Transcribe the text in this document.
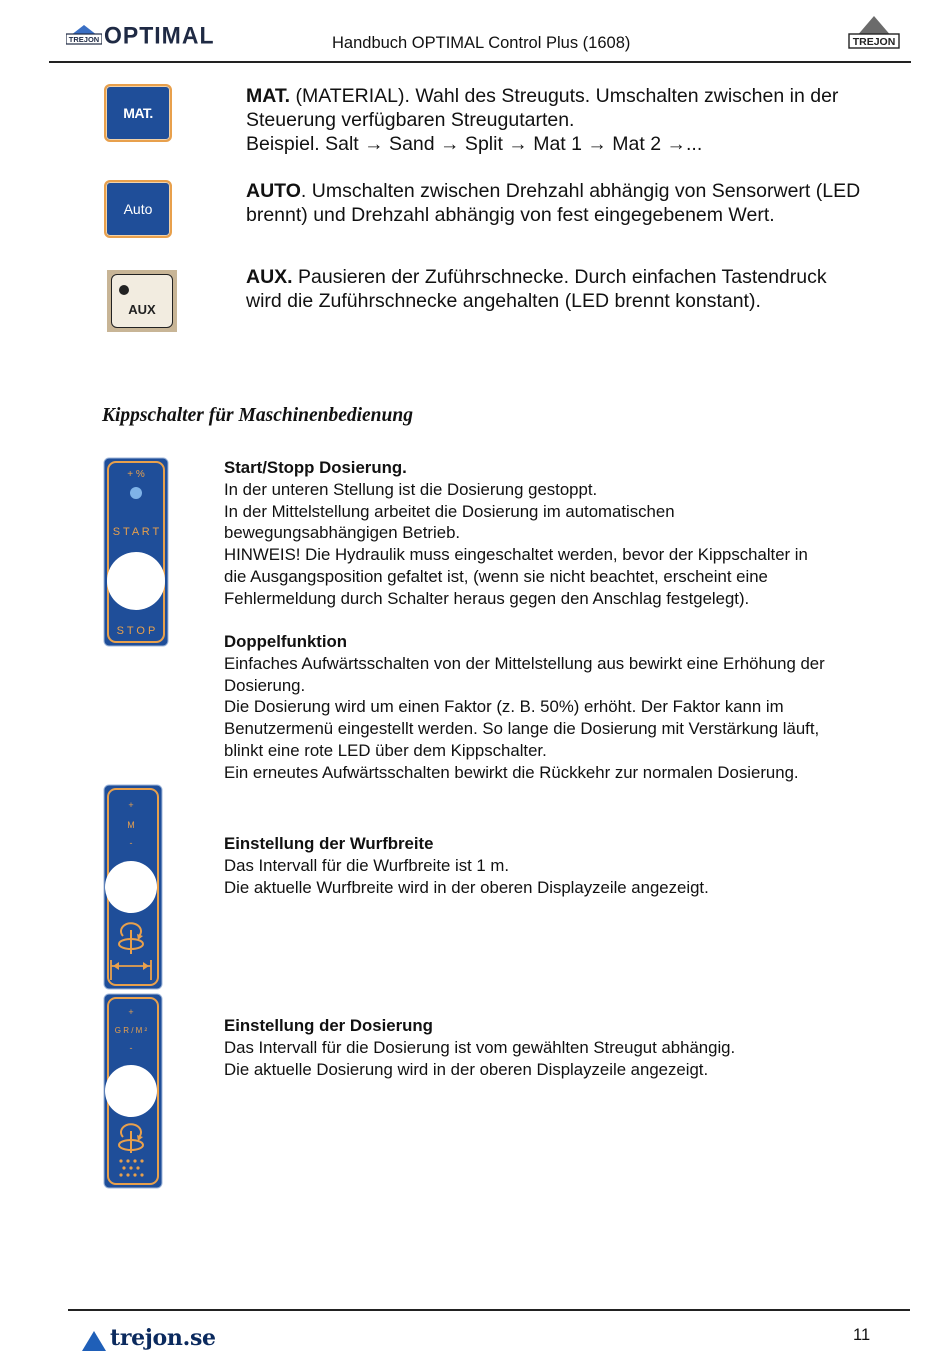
TREJON OPTIMAL	Handbuch OPTIMAL Control Plus (1608)	TREJON
MAT.
Auto
AUX
MAT. (MATERIAL). Wahl des Streuguts. Umschalten zwischen in der
Steuerung verfügbaren Streugutarten.
Beispiel. Salt → Sand → Split → Mat 1 → Mat 2 →...
AUTO. Umschalten zwischen Drehzahl abhängig von Sensorwert (LED
brennt) und Drehzahl abhängig von fest eingegebenem Wert.
AUX. Pausieren der Zuführschnecke. Durch einfachen Tastendruck
wird die Zuführschnecke angehalten (LED brennt konstant).
Kippschalter für Maschinenbedienung
+ %
S T A R T
S T O P
Start/Stopp Dosierung.
In der unteren Stellung ist die Dosierung gestoppt.
In der Mittelstellung arbeitet die Dosierung im automatischen
bewegungsabhängigen Betrieb.
HINWEIS! Die Hydraulik muss eingeschaltet werden, bevor der Kippschalter in
die Ausgangsposition gefaltet ist, (wenn sie nicht beachtet, erscheint eine
Fehlermeldung durch Schalter heraus gegen den Anschlag festgelegt).
Doppelfunktion
Einfaches Aufwärtsschalten von der Mittelstellung aus bewirkt eine Erhöhung der
Dosierung.
Die Dosierung wird um einen Faktor (z. B. 50%) erhöht. Der Faktor kann im
Benutzermenü eingestellt werden. So lange die Dosierung mit Verstärkung läuft,
blinkt eine rote LED über dem Kippschalter.
Ein erneutes Aufwärtsschalten bewirkt die Rückkehr zur normalen Dosierung.
+
M
-	Einstellung der Wurfbreite
Das Intervall für die Wurfbreite ist 1 m.
Die aktuelle Wurfbreite wird in der oberen Displayzeile angezeigt.
+
G R / M ²
-
Einstellung der Dosierung
Das Intervall für die Dosierung ist vom gewählten Streugut abhängig.
Die aktuelle Dosierung wird in der oberen Displayzeile angezeigt.
trejon.se	11
